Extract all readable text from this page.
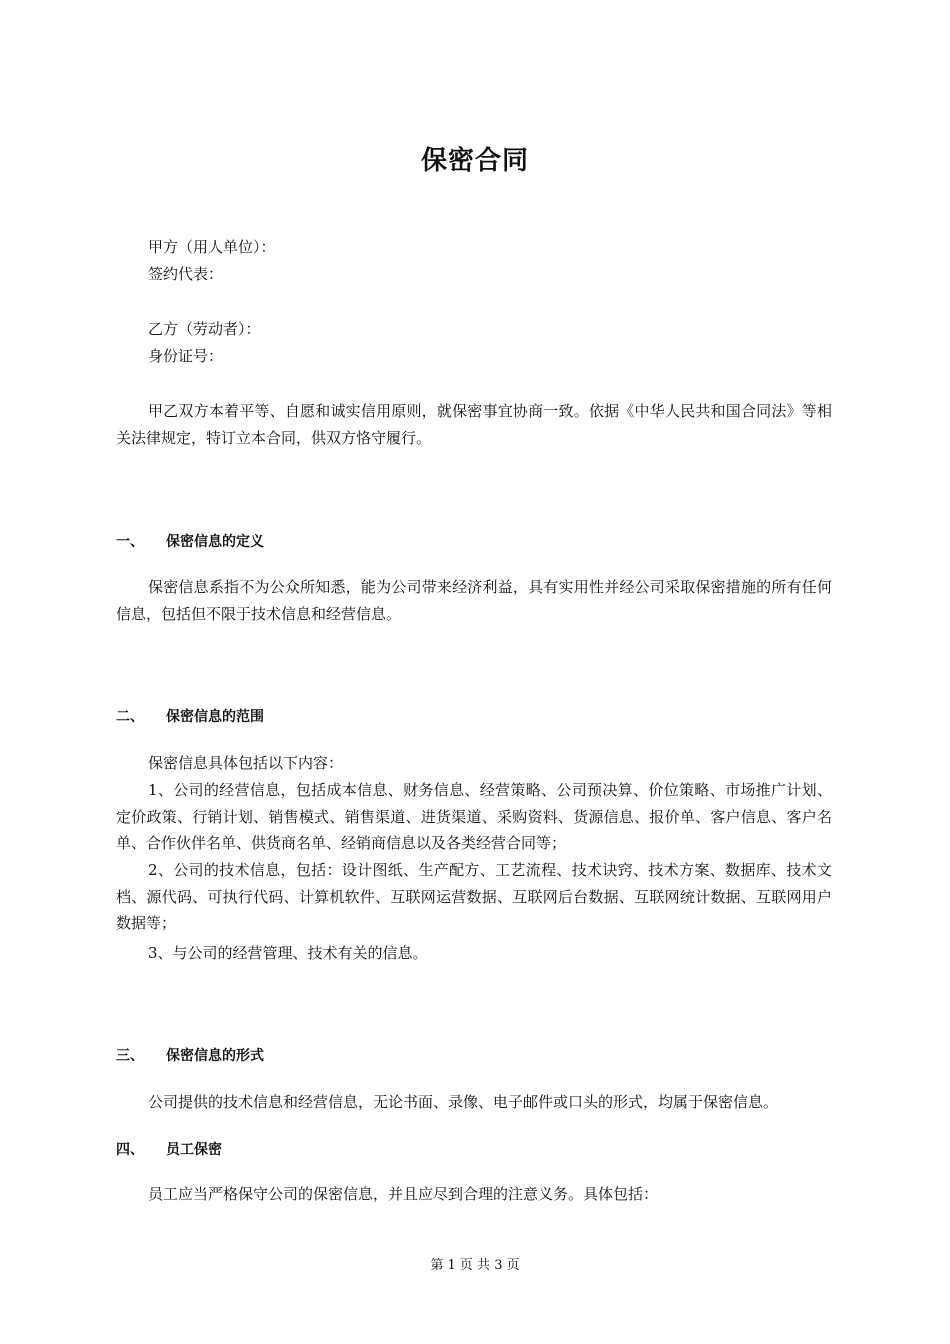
保密合同
甲方（用人单位）：
签约代表：
乙方（劳动者）：
身份证号：
甲乙双方本着平等、自愿和诚实信用原则，就保密事宜协商一致。依据《中华人民共和国合同法》等相关法律规定，特订立本合同，供双方恪守履行。
一、 保密信息的定义
保密信息系指不为公众所知悉，能为公司带来经济利益，具有实用性并经公司采取保密措施的所有任何信息，包括但不限于技术信息和经营信息。
二、 保密信息的范围
保密信息具体包括以下内容：
1、公司的经营信息，包括成本信息、财务信息、经营策略、公司预决算、价位策略、市场推广计划、定价政策、行销计划、销售模式、销售渠道、进货渠道、采购资料、货源信息、报价单、客户信息、客户名单、合作伙伴名单、供货商名单、经销商信息以及各类经营合同等；
2、公司的技术信息，包括：设计图纸、生产配方、工艺流程、技术诀窍、技术方案、数据库、技术文档、源代码、可执行代码、计算机软件、互联网运营数据、互联网后台数据、互联网统计数据、互联网用户数据等；
3、与公司的经营管理、技术有关的信息。
三、 保密信息的形式
公司提供的技术信息和经营信息，无论书面、录像、电子邮件或口头的形式，均属于保密信息。
四、 员工保密
员工应当严格保守公司的保密信息，并且应尽到合理的注意义务。具体包括：
第 1 页 共 3 页
